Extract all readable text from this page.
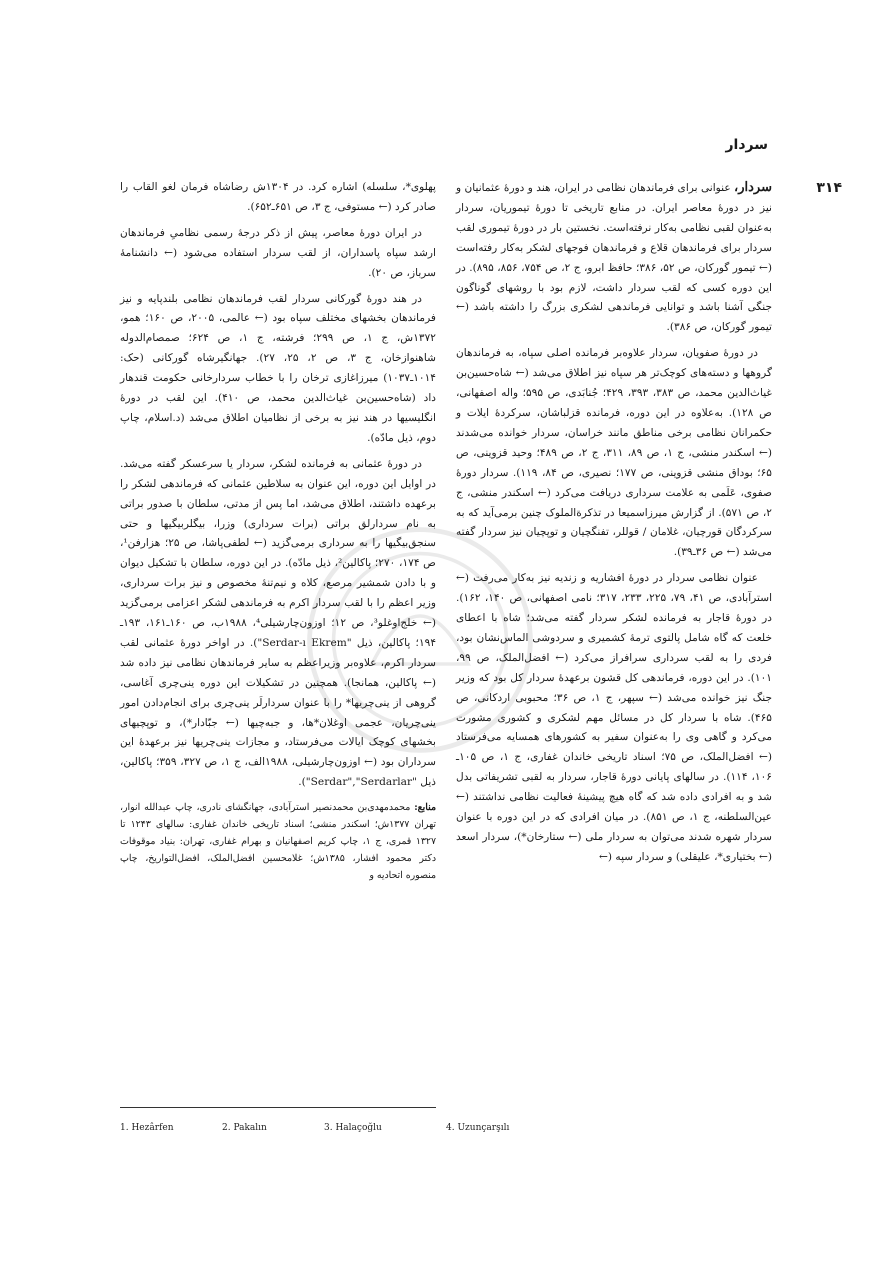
سردار
۳۱۴

سردار، عنوانی برای فرماندهان نظامی در ایران، هند و دورۀ عثمانیان و نیز در دورۀ معاصر ایران. در منابع تاریخی تا دورۀ تیموریان، سردار به‌عنوان لقبی نظامی به‌کار نرفته‌است. نخستین بار در دورۀ تیموری لقب سردار برای فرماندهان قلاع و فرماندهان فوجهای لشکر به‌کار رفته‌است (← تیمور گورکان، ص ۵۲، ۳۸۶؛ حافظ ابرو، ج ۲، ص ۷۵۴، ۸۵۶، ۸۹۵). در این دوره کسی که لقب سردار داشت، لازم بود با روشهای گوناگون جنگی آشنا باشد و توانایی فرماندهی لشکری بزرگ را داشته باشد (← تیمور گورکان، ص ۳۸۶).

در دورۀ صفویان، سردار علاوه‌بر فرمانده اصلی سپاه، به فرماندهان گروهها و دسته‌های کوچک‌تر هر سپاه نیز اطلاق می‌شد (← شاه‌حسین‌بن غیاث‌الدین محمد، ص ۳۸۳، ۳۹۳، ۴۲۹؛ جُنابَدی، ص ۵۹۵؛ واله اصفهانی، ص ۱۲۸). به‌علاوه در این دوره، فرمانده قزلباشان، سرکردۀ ایلات و حکمرانان نظامی برخی مناطق مانند خراسان، سردار خوانده می‌شدند (← اسکندر منشی، ج ۱، ص ۸۹، ۳۱۱، ج ۲، ص ۴۸۹؛ وحید قزوینی، ص ۶۵؛ بوداق منشی قزوینی، ص ۱۷۷؛ نصیری، ص ۸۴، ۱۱۹). سردار دورۀ صفوی، عَلَمی به علامت سرداری دریافت می‌کرد (← اسکندر منشی، ج ۲، ص ۵۷۱). از گزارش میرزاسمیعا در تذکرة‌الملوک چنین برمی‌آید که به سرکردگان قورچیان، غلامان / قوللر، تفنگچیان و توپچیان نیز سردار گفته می‌شد (← ص ۳۶ـ۳۹).

عنوان نظامی سردار در دورۀ افشاریه و زندیه نیز به‌کار می‌رفت (← استرآبادی، ص ۴۱، ۷۹، ۲۲۵، ۲۳۳، ۳۱۷؛ نامی اصفهانی، ص ۱۴۰، ۱۶۲). در دورۀ قاجار به فرمانده لشکر سردار گفته می‌شد؛ شاه با اعطای خلعت که گاه شامل پالتوی ترمۀ کشمیری و سردوشی الماس‌نشان بود، فردی را به لقب سرداری سرافراز می‌کرد (← افضل‌الملک، ص ۹۹، ۱۰۱). در این دوره، فرماندهی کل قشون برعهدۀ سردار کل بود که وزیر جنگ نیز خوانده می‌شد (← سپهر، ج ۱، ص ۳۶؛ محبوبی اردکانی، ص ۴۶۵). شاه با سردار کل در مسائل مهم لشکری و کشوری مشورت می‌کرد و گاهی وی را به‌عنوان سفیر به کشورهای همسایه می‌فرستاد (← افضل‌الملک، ص ۷۵؛ اسناد تاریخی خاندان غفاری، ج ۱، ص ۱۰۵ـ ۱۰۶، ۱۱۴). در سالهای پایانی دورۀ قاجار، سردار به لقبی تشریفاتی بدل شد و به افرادی داده شد که گاه هیچ پیشینۀ فعالیت نظامی نداشتند (← عین‌السلطنه، ج ۱، ص ۸۵۱). در میان افرادی که در این دوره با عنوان سردار شهره شدند می‌توان به سردار ملی (← ستارخان*)، سردار اسعد (← بختیاری*، علیقلی) و سردار سپه (←

پهلوی*، سلسله) اشاره کرد. در ۱۳۰۴ش رضاشاه فرمان لغو القاب را صادر کرد (← مستوفی، ج ۳، ص ۶۵۱ـ۶۵۲).

در ایران دورۀ معاصر، پیش از ذکر درجۀ رسمی نظامیِ فرماندهان ارشد سپاه پاسداران، از لقب سردار استفاده می‌شود (← دانشنامۀ سرباز، ص ۲۰).

در هند دورۀ گورکانی سردار لقب فرماندهان نظامی بلندپایه و نیز فرماندهان بخشهای مختلف سپاه بود (← عالمی، ۲۰۰۵، ص ۱۶۰؛ همو، ۱۳۷۲ش، ج ۱، ص ۲۹۹؛ فرشته، ج ۱، ص ۶۲۴؛ صمصام‌الدوله شاهنوازخان، ج ۳، ص ۲، ۲۵، ۲۷). جهانگیرشاه گورکانی (حک: ۱۰۱۴ـ۱۰۳۷) میرزاغازی ترخان را با خطاب سردارخانی حکومت قندهار داد (شاه‌حسین‌بن غیاث‌الدین محمد، ص ۴۱۰). این لقب در دورۀ انگلیسیها در هند نیز به برخی از نظامیان اطلاق می‌شد (د.اسلام، چاپ دوم، ذیل مادّه).

در دورۀ عثمانی به فرمانده لشکر، سردار یا سرعسکر گفته می‌شد. در اوایل این دوره، این عنوان به سلاطین عثمانی که فرماندهی لشکر را برعهده داشتند، اطلاق می‌شد، اما پس از مدتی، سلطان با صدور براتی به نام سردارلق براتی (برات سرداری) وزرا، بیگلربیگیها و حتی سنجق‌بیگیها را به سرداری برمی‌گزید (← لطفی‌پاشا، ص ۲۵؛ هزارفن¹، ص ۱۷۴، ۲۷۰؛ پاکالین²، ذیل مادّه). در این دوره، سلطان با تشکیل دیوان و با دادن شمشیر مرصع، کلاه و نیم‌تنۀ مخصوص و نیز برات سرداری، وزیر اعظم را با لقب سردار اکرم به فرماندهی لشکر اعزامی برمی‌گزید (← خلج‌اوغلو³، ص ۱۲؛ اوزون‌چارشیلی⁴، ۱۹۸۸ب، ص ۱۶۰ـ۱۶۱، ۱۹۳ـ ۱۹۴؛ پاکالین، ذیل "Serdar-ı Ekrem"). در اواخر دورۀ عثمانی لقب سردار اکرم، علاوه‌بر وزیراعظم به سایر فرماندهان نظامی نیز داده شد (← پاکالین، همانجا). همچنین در تشکیلات این دوره ینی‌چری آغاسی، گروهی از ینی‌چریها* را با عنوان سردارلَر ینی‌چری برای انجام‌دادن امور ینی‌چریان، عجمی اوغلان*ها، و جبه‌چیها (← جبّادار*)، و توپچیهای بخشهای کوچک ایالات می‌فرستاد، و مجازات ینی‌چریها نیز برعهدۀ این سرداران بود (← اوزون‌چارشیلی، ۱۹۸۸الف، ج ۱، ص ۳۲۷، ۳۵۹؛ پاکالین، ذیل "Serdar","Serdarlar").

منابع: محمدمهدی‌بن محمدنصیر استرآبادی، جهانگشای نادری، چاپ عبدالله انوار، تهران ۱۳۷۷ش؛ اسکندر منشی؛ اسناد تاریخی خاندان غفاری: سالهای ۱۲۴۳ تا ۱۳۲۷ قمری، ج ۱، چاپ کریم اصفهانیان و بهرام غفاری، تهران: بنیاد موقوفات دکتر محمود افشار، ۱۳۸۵ش؛ غلامحسین افضل‌الملک، افضل‌التواریخ، چاپ منصوره اتحادیه و

1. Hezârfen	2. Pakalın	3. Halaçoğlu	4. Uzunçarşılı
